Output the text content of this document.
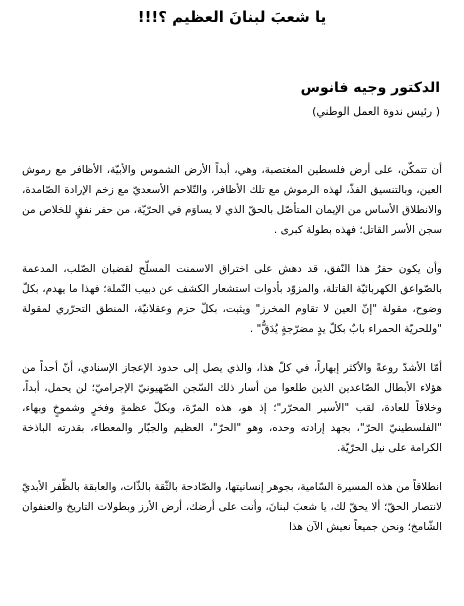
يا شعبَ لبنانَ العظيم ؟!!!
الدكتور وجيه فانوس
( رئيس ندوة العمل الوطني)

أن تتمكّن، على أرض فلسطين المغتصبة، وهي، أبداً الأرض الشموس والأبيّة، الأظافر مع رموش العين، وبالتنسيق الفذّ، لهذه الرموش مع تلك الأظافر، والتّلاحم الأسعديّ مع زخم الإرادة الصّامدة، والانطلاق الأساس من الإيمان المتأصّل بالحقّ الذي لا يساوَم في الحرّيّة، من حفر نفقٍ للخلاص من سجن الأسر القاتل؛ فهذه بطولة كبرى .

وأن يكون حفرُ هذا النّفق، قد دهش على اختراق الاسمنت المسلّح لقضبان الصّلب، المدعمة بالصّواعق الكهربائيّة القاتلة، والمزوّد بأدوات استشعار الكشف عن دبيب النّملة؛ فهذا ما يهدم، بكلّ وضوح، مقولة "إنّ العين لا تقاوم المخرز" ويثبت، بكلّ حزم وعقلانيّة، المنطق التحرّري لمقولة "وللحريّة الحمراء بابٌ بكلّ يدٍ مضرّجةٍ يُدَقُّ" .

أمّا الأشدّ روعةً والأكثر إبهاراً، في كلّ هذا، والذي يصل إلى حدود الإعجاز الإسنادي، أنّ أحداً من هؤلاء الأبطال الصّاعدين الذين طلعوا من أسار ذلك السّجن الصّهيونيّ الإجراميّ؛ لن يحمل، أبداً، وخلافاً للعادة، لقب "الأسير المحرّر"؛ إذ هو، هذه المرّة، وبكلّ عظمةٍ وفخرٍ وشموخٍ وبهاء، "الفلسطينيّ الحرّ"، بجهد إرادته وحده، وهو "الحرّ"، العظيم والجبّار والمعطاء، بقدرته الباذخة الكرامة على نيل الحرّيّة.

انطلاقاً من هذه المسيرة السّامية، بجوهر إنسانيتها، والصّادحة بالثّقة بالذّات، والعابقة بالظّفر الأبديّ لانتصار الحقّ؛ ألا يحقّ لك، يا شعبَ لبنانَ، وأنت على أرضك، أرض الأرز وبطولات التاريخ والعنفوان الشّامخ؛ ونحن جميعاً نعيش الآن هذا
